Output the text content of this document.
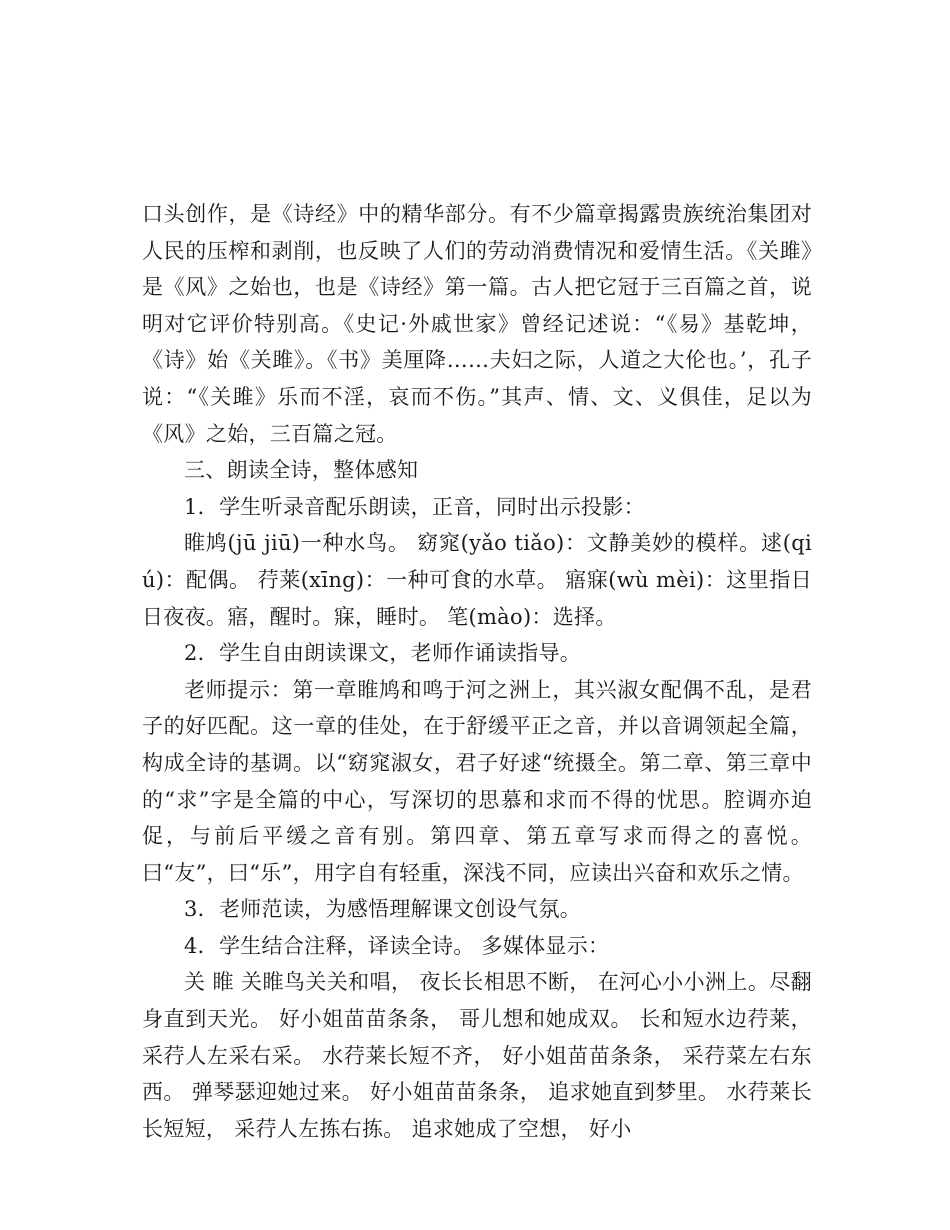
口头创作，是《诗经》中的精华部分。有不少篇章揭露贵族统治集团对人民的压榨和剥削，也反映了人们的劳动消费情况和爱情生活。《关雎》是《风》之始也，也是《诗经》第一篇。古人把它冠于三百篇之首，说明对它评价特别高。《史记·外戚世家》曾经记述说：“《易》基乾坤，《诗》始《关雎》。《书》美厘降……夫妇之际，人道之大伦也。’，孔子说：“《关雎》乐而不淫，哀而不伤。”其声、情、文、义俱佳，足以为《风》之始，三百篇之冠。

三、朗读全诗，整体感知

1．学生听录音配乐朗读，正音，同时出示投影：

睢鸠(jū jiū)一种水鸟。 窈窕(yǎo tiǎo)：文静美妙的模样。逑(qiú)：配偶。 荇莱(xīng)：一种可食的水草。 寤寐(wù mèi)：这里指日日夜夜。寤，醒时。寐，睡时。 笔(mào)：选择。

2．学生自由朗读课文，老师作诵读指导。

老师提示：第一章睢鸠和鸣于河之洲上，其兴淑女配偶不乱，是君子的好匹配。这一章的佳处，在于舒缓平正之音，并以音调领起全篇，构成全诗的基调。以“窈窕淑女，君子好逑“统摄全。第二章、第三章中的“求”字是全篇的中心，写深切的思慕和求而不得的忧思。腔调亦迫促，与前后平缓之音有别。第四章、第五章写求而得之的喜悦。曰“友”，曰“乐”，用字自有轻重，深浅不同，应读出兴奋和欢乐之情。

3．老师范读，为感悟理解课文创设气氛。

4．学生结合注释，译读全诗。 多媒体显示：

关 睢 关睢鸟关关和唱， 夜长长相思不断， 在河心小小洲上。尽翻身直到天光。 好小姐苗苗条条， 哥儿想和她成双。 长和短水边荇莱， 采荇人左采右采。 水荇莱长短不齐， 好小姐苗苗条条， 采荇菜左右东西。 弹琴瑟迎她过来。 好小姐苗苗条条， 追求她直到梦里。 水荇莱长长短短， 采荇人左拣右拣。 追求她成了空想， 好小
